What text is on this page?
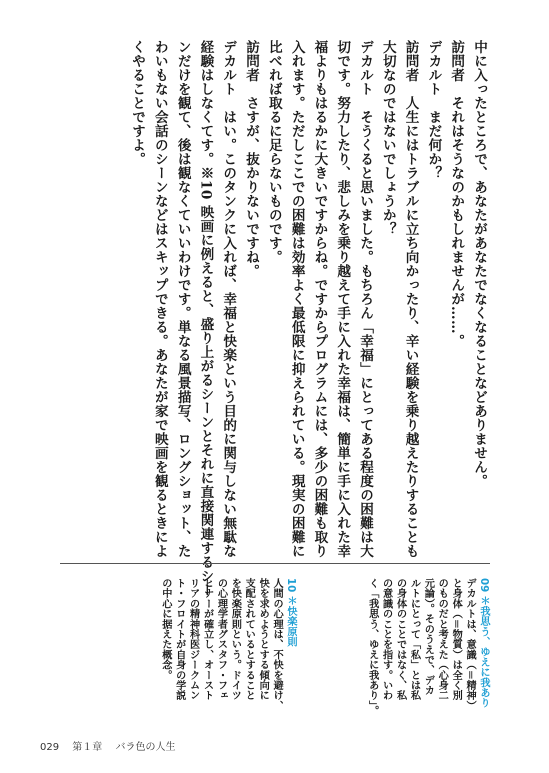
中に入ったところで、あなたがあなたでなくなることなどありません。
訪問者　それはそうなのかもしれませんが……。
デカルト　まだ何か？
訪問者　人生にはトラブルに立ち向かったり、辛い経験を乗り越えたりすることも
大切なのではないでしょうか？
デカルト　そうくると思いました。もちろん「幸福」にとってある程度の困難は大
切です。努力したり、悲しみを乗り越えて手に入れた幸福は、簡単に手に入れた幸
福よりもはるかに大きいですからね。ですからプログラムには、多少の困難も取り
入れます。ただしここでの困難は効率よく最低限に抑えられている。現実の困難に
比べれば取るに足らないものです。
訪問者　さすが、抜かりないですね。
デカルト　はい。このタンクに入れば、幸福と快楽という目的に関与しない無駄な
経験はしなくてす。※10 映画に例えると、盛り上がるシーンとそれに直接関連するシー
ンだけを観て、後は観なくていいわけです。単なる風景描写、ロングショット、た
わいもない会話のシーンなどはスキップできる。あなたが家で映画を観るときによ
くやることですよ。
09 ＊我思う、ゆえに我あり
デカルトは、意識（＝精神）
と身体（＝物質）は全く別
のものだと考えた（心身二
元論）。そのうえで、デカ
ルトにとって「私」とは私
の身体のことではなく、私
の意識のことを指す。いわ
く「我思う、ゆえに我あり」。
10 ＊快楽原則
人間の心理は、不快を避け、
快を求めようとする傾向に
支配されているとすること
を快楽原則という。ドイツ
の心理学者グスタフ・フェ
ヒナーが確立し、オースト
リアの精神科医ジークムン
ト・フロイトが自身の学説
の中心に据えた概念。
029 第１章 バラ色の人生
